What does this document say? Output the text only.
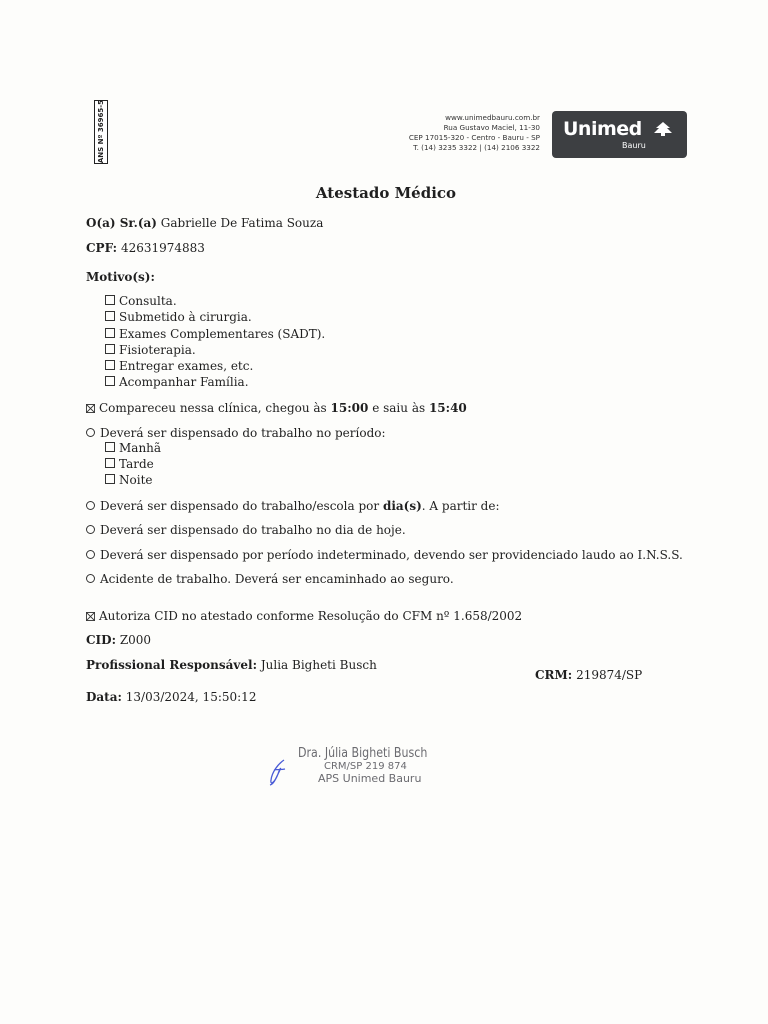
ANS Nº 36965-5	www.unimedbauru.com.br
Rua Gustavo Maciel, 11-30
CEP 17015-320 - Centro - Bauru - SP
T. (14) 3235 3322 | (14) 2106 3322
Unimed
Bauru
Atestado Médico
O(a) Sr.(a) Gabrielle De Fatima Souza
CPF: 42631974883
Motivo(s):
Consulta.
Submetido à cirurgia.
Exames Complementares (SADT).
Fisioterapia.
Entregar exames, etc.
Acompanhar Família.
Compareceu nessa clínica, chegou às 15:00 e saiu às 15:40
Deverá ser dispensado do trabalho no período:
Manhã
Tarde
Noite
Deverá ser dispensado do trabalho/escola por dia(s). A partir de:
Deverá ser dispensado do trabalho no dia de hoje.
Deverá ser dispensado por período indeterminado, devendo ser providenciado laudo ao I.N.S.S.
Acidente de trabalho. Deverá ser encaminhado ao seguro.
Autoriza CID no atestado conforme Resolução do CFM nº 1.658/2002
CID: Z000
Profissional Responsável: Julia Bigheti Busch
CRM: 219874/SP
Data: 13/03/2024, 15:50:12
Dra. Júlia Bigheti Busch
CRM/SP 219 874
APS Unimed Bauru
